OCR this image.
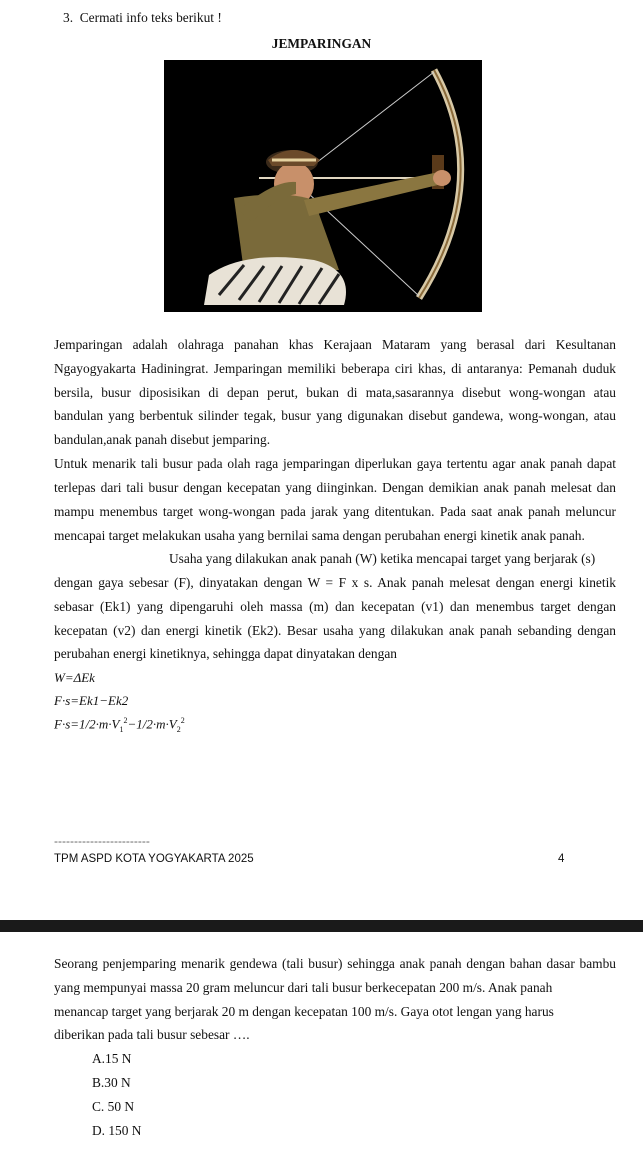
3. Cermati info teks berikut !
JEMPARINGAN
Jemparingan adalah olahraga panahan khas Kerajaan Mataram yang berasal dari Kesultanan
Ngayogyakarta Hadiningrat. Jemparingan memiliki beberapa ciri khas, di antaranya: Pemanah duduk
bersila, busur diposisikan di depan perut, bukan di mata,sasarannya disebut wong-wongan atau
bandulan yang berbentuk silinder tegak, busur yang digunakan disebut gandewa, wong-wongan, atau
bandulan,anak panah disebut jemparing.
Untuk menarik tali busur pada olah raga jemparingan diperlukan gaya tertentu agar anak panah dapat
terlepas dari tali busur dengan kecepatan yang diinginkan. Dengan demikian anak panah melesat dan
mampu menembus target wong-wongan pada jarak yang ditentukan. Pada saat anak panah meluncur
mencapai target melakukan usaha yang bernilai sama dengan perubahan energi kinetik anak panah.
Usaha yang dilakukan anak panah (W) ketika mencapai target yang berjarak (s)
dengan gaya sebesar (F), dinyatakan dengan W = F x s. Anak panah melesat dengan energi kinetik
sebasar (Ek1) yang dipengaruhi oleh massa (m) dan kecepatan (v1) dan menembus target dengan
kecepatan (v2) dan energi kinetik (Ek2). Besar usaha yang dilakukan anak panah sebanding dengan
perubahan energi kinetiknya, sehingga dapat dinyatakan dengan
W=ΔEk
F·s=Ek1−Ek2
$F\cdot s=1/2\cdot m\cdot V_1^2-1/2\cdot m\cdot V_2^2$
------------------------
TPM ASPD KOTA YOGYAKARTA 2025	4
Seorang penjemparing menarik gendewa (tali busur) sehingga anak panah dengan bahan dasar bambu
yang mempunyai massa 20 gram meluncur dari tali busur berkecepatan 200 m/s. Anak panah
menancap target yang berjarak 20 m dengan kecepatan 100 m/s. Gaya otot lengan yang harus
diberikan pada tali busur sebesar ….
A.15 N
B.30 N
C. 50 N
D. 150 N
